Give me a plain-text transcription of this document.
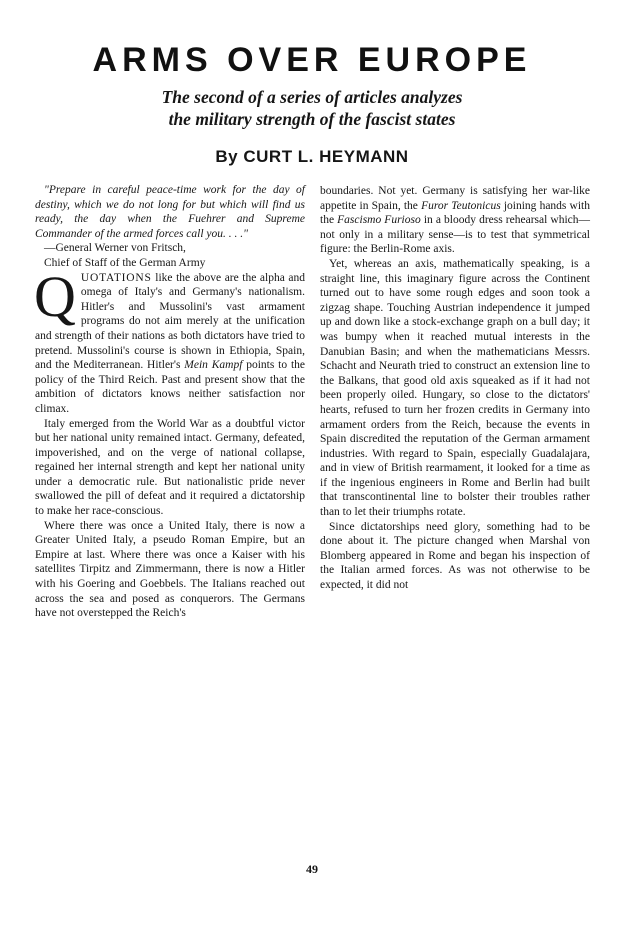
ARMS OVER EUROPE
The second of a series of articles analyzes
the military strength of the fascist states
By CURT L. HEYMANN

"Prepare in careful peace-time work for the day of destiny, which we do not long for but which will find us ready, the day when the Fuehrer and Supreme Commander of the armed forces call you. . . ."

—General Werner von Fritsch,

Chief of Staff of the German Army

QUOTATIONS like the above are the alpha and omega of Italy's and Germany's nationalism. Hitler's and Mussolini's vast armament programs do not aim merely at the unification and strength of their nations as both dictators have tried to pretend. Mussolini's course is shown in Ethiopia, Spain, and the Mediterranean. Hitler's Mein Kampf points to the policy of the Third Reich. Past and present show that the ambition of dictators knows neither satisfaction nor climax.

Italy emerged from the World War as a doubtful victor but her national unity remained intact. Germany, defeated, impoverished, and on the verge of national collapse, regained her internal strength and kept her national unity under a democratic rule. But nationalistic pride never swallowed the pill of defeat and it required a dictatorship to make her race-conscious.

Where there was once a United Italy, there is now a Greater United Italy, a pseudo Roman Empire, but an Empire at last. Where there was once a Kaiser with his satellites Tirpitz and Zimmermann, there is now a Hitler with his Goering and Goebbels. The Italians reached out across the sea and posed as conquerors. The Germans have not overstepped the Reich's

boundaries. Not yet. Germany is satisfying her war-like appetite in Spain, the Furor Teutonicus joining hands with the Fascismo Furioso in a bloody dress rehearsal which—not only in a military sense—is to test that symmetrical figure: the Berlin-Rome axis.

Yet, whereas an axis, mathematically speaking, is a straight line, this imaginary figure across the Continent turned out to have some rough edges and soon took a zigzag shape. Touching Austrian independence it jumped up and down like a stock-exchange graph on a bull day; it was bumpy when it reached mutual interests in the Danubian Basin; and when the mathematicians Messrs. Schacht and Neurath tried to construct an extension line to the Balkans, that good old axis squeaked as if it had not been properly oiled. Hungary, so close to the dictators' hearts, refused to turn her frozen credits in Germany into armament orders from the Reich, because the events in Spain discredited the reputation of the German armament industries. With regard to Spain, especially Guadalajara, and in view of British rearmament, it looked for a time as if the ingenious engineers in Rome and Berlin had built that transcontinental line to bolster their troubles rather than to let their triumphs rotate.

Since dictatorships need glory, something had to be done about it. The picture changed when Marshal von Blomberg appeared in Rome and began his inspection of the Italian armed forces. As was not otherwise to be expected, it did not

49
